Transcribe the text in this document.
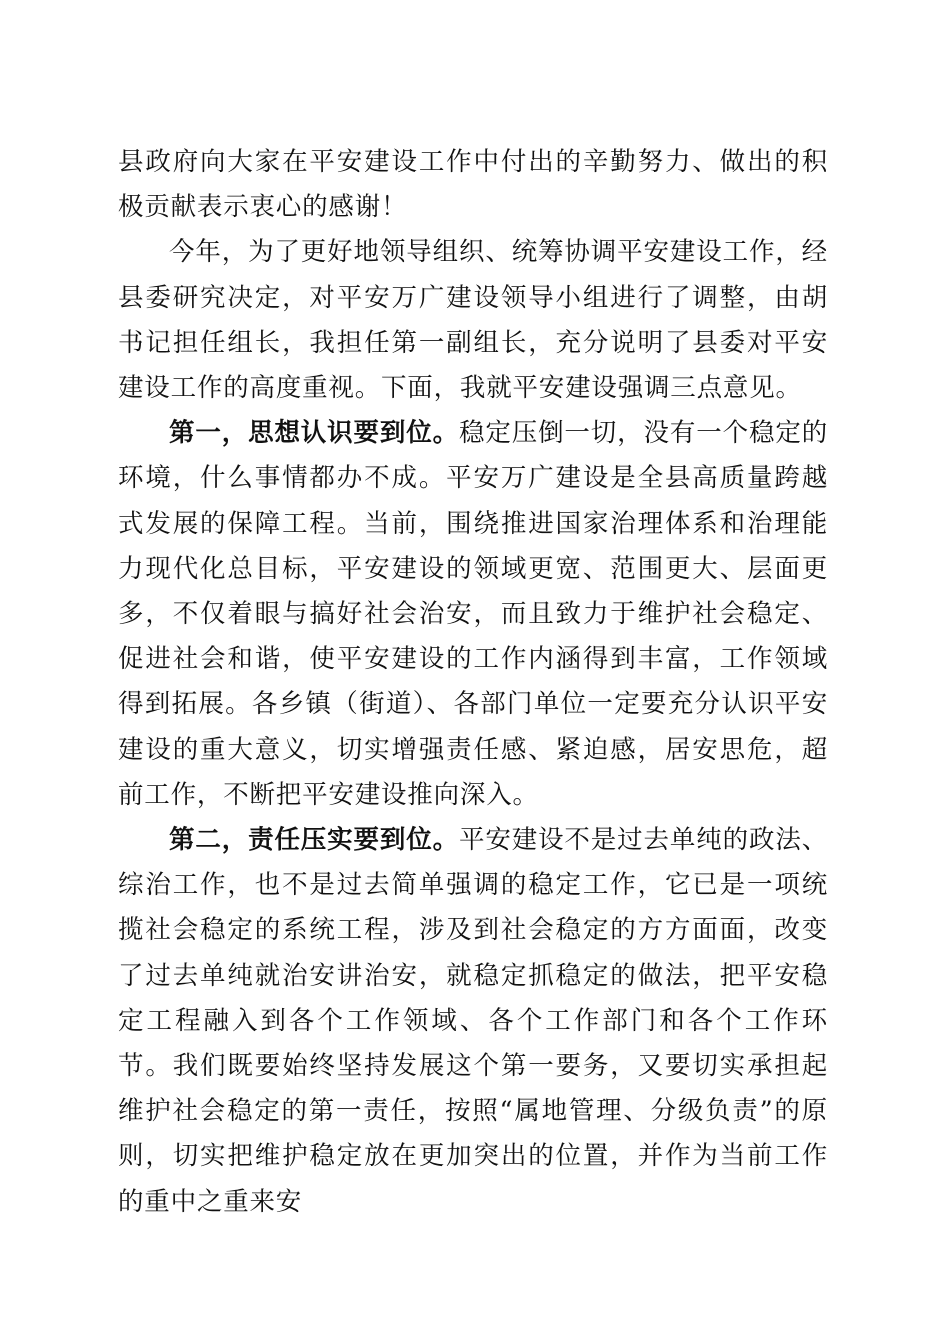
县政府向大家在平安建设工作中付出的辛勤努力、做出的积极贡献表示衷心的感谢！

今年，为了更好地领导组织、统筹协调平安建设工作，经县委研究决定，对平安万广建设领导小组进行了调整，由胡书记担任组长，我担任第一副组长，充分说明了县委对平安建设工作的高度重视。下面，我就平安建设强调三点意见。

第一，思想认识要到位。稳定压倒一切，没有一个稳定的环境，什么事情都办不成。平安万广建设是全县高质量跨越式发展的保障工程。当前，围绕推进国家治理体系和治理能力现代化总目标，平安建设的领域更宽、范围更大、层面更多，不仅着眼与搞好社会治安，而且致力于维护社会稳定、促进社会和谐，使平安建设的工作内涵得到丰富，工作领域得到拓展。各乡镇（街道）、各部门单位一定要充分认识平安建设的重大意义，切实增强责任感、紧迫感，居安思危，超前工作，不断把平安建设推向深入。

第二，责任压实要到位。平安建设不是过去单纯的政法、综治工作，也不是过去简单强调的稳定工作，它已是一项统揽社会稳定的系统工程，涉及到社会稳定的方方面面，改变了过去单纯就治安讲治安，就稳定抓稳定的做法，把平安稳定工程融入到各个工作领域、各个工作部门和各个工作环节。我们既要始终坚持发展这个第一要务，又要切实承担起维护社会稳定的第一责任，按照“属地管理、分级负责”的原则，切实把维护稳定放在更加突出的位置，并作为当前工作的重中之重来安
